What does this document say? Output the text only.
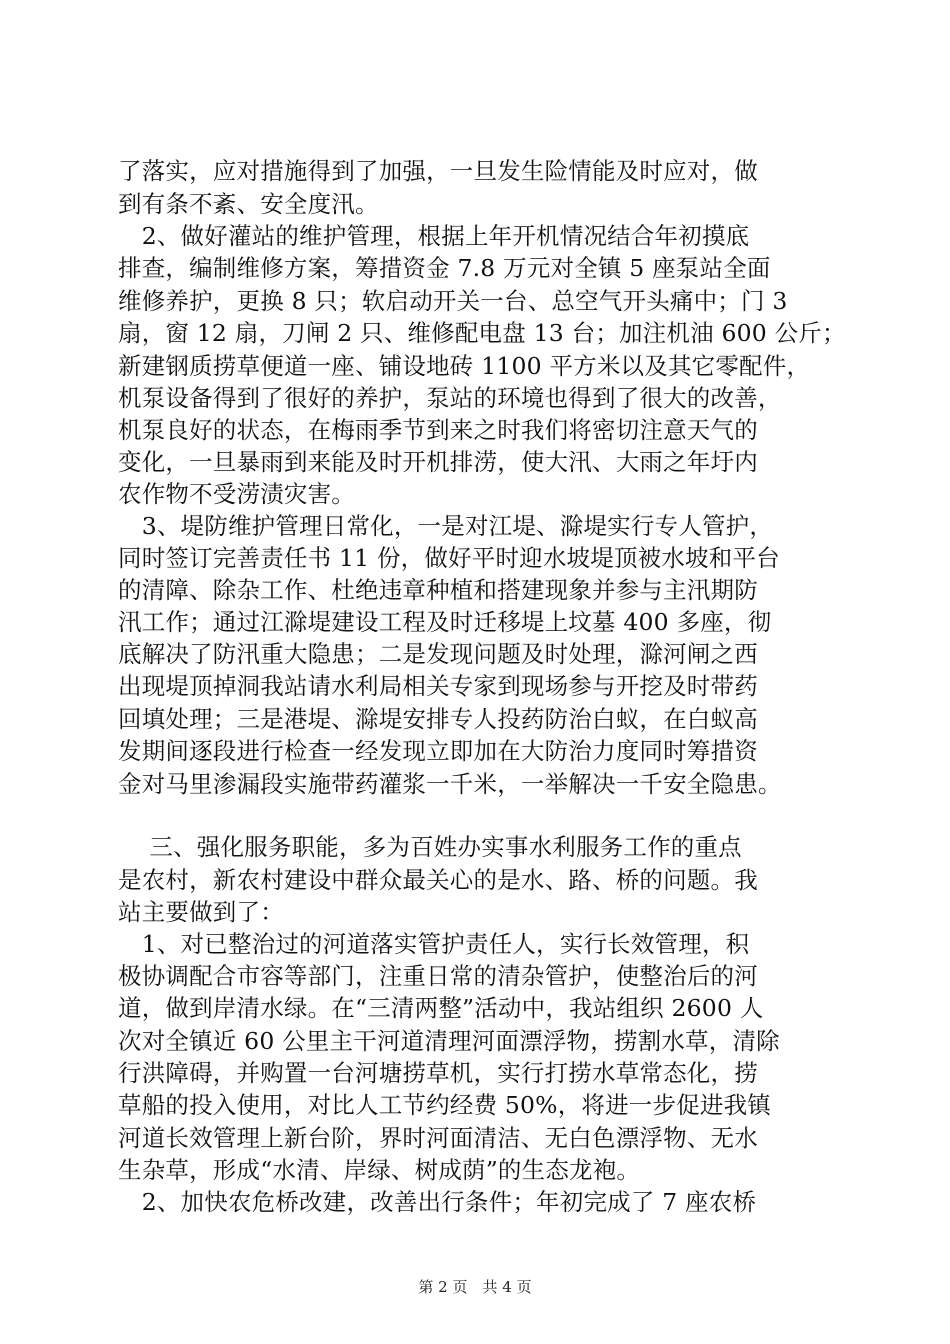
了落实，应对措施得到了加强，一旦发生险情能及时应对，做
到有条不紊、安全度汛。
　2、做好灌站的维护管理，根据上年开机情况结合年初摸底
排查，编制维修方案，筹措资金 7.8 万元对全镇 5 座泵站全面
维修养护，更换 8 只；软启动开关一台、总空气开头痛中；门 3
扇，窗 12 扇，刀闸 2 只、维修配电盘 13 台；加注机油 600 公斤；
新建钢质捞草便道一座、铺设地砖 1100 平方米以及其它零配件，
机泵设备得到了很好的养护，泵站的环境也得到了很大的改善，
机泵良好的状态，在梅雨季节到来之时我们将密切注意天气的
变化，一旦暴雨到来能及时开机排涝，使大汛、大雨之年圩内
农作物不受涝渍灾害。
　3、堤防维护管理日常化，一是对江堤、滁堤实行专人管护，
同时签订完善责任书 11 份，做好平时迎水坡堤顶被水坡和平台
的清障、除杂工作、杜绝违章种植和搭建现象并参与主汛期防
汛工作；通过江滁堤建设工程及时迁移堤上坟墓 400 多座，彻
底解决了防汛重大隐患；二是发现问题及时处理，滁河闸之西
出现堤顶掉洞我站请水利局相关专家到现场参与开挖及时带药
回填处理；三是港堤、滁堤安排专人投药防治白蚁，在白蚁高
发期间逐段进行检查一经发现立即加在大防治力度同时筹措资
金对马里渗漏段实施带药灌浆一千米，一举解决一千安全隐患。
　 三、强化服务职能，多为百姓办实事水利服务工作的重点
是农村，新农村建设中群众最关心的是水、路、桥的问题。我
站主要做到了：
　1、对已整治过的河道落实管护责任人，实行长效管理，积
极协调配合市容等部门，注重日常的清杂管护，使整治后的河
道，做到岸清水绿。在“三清两整”活动中，我站组织 2600 人
次对全镇近 60 公里主干河道清理河面漂浮物，捞割水草，清除
行洪障碍，并购置一台河塘捞草机，实行打捞水草常态化，捞
草船的投入使用，对比人工节约经费 50%，将进一步促进我镇
河道长效管理上新台阶，界时河面清洁、无白色漂浮物、无水
生杂草，形成“水清、岸绿、树成荫”的生态龙袍。
　2、加快农危桥改建，改善出行条件；年初完成了 7 座农桥
第 2 页　共 4 页
